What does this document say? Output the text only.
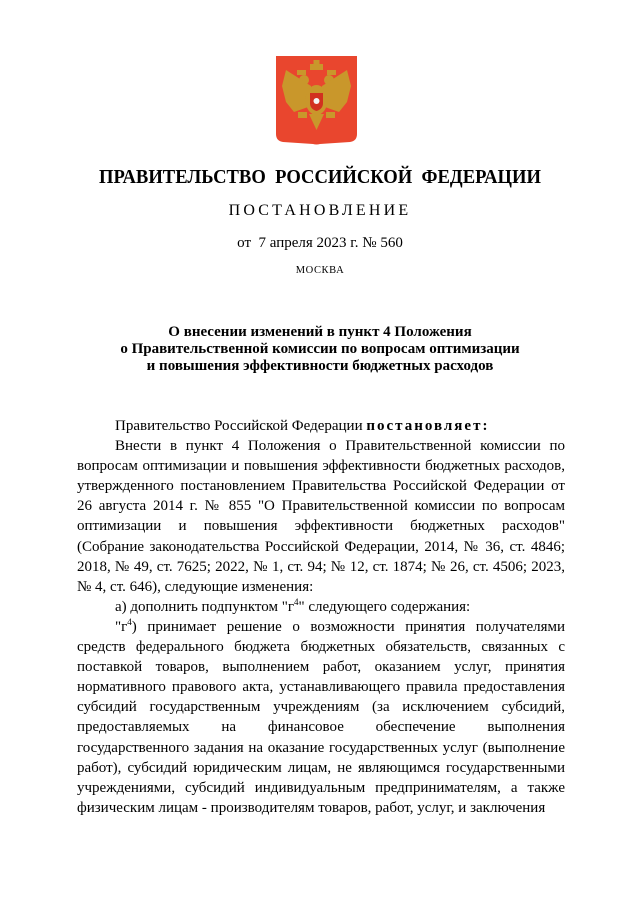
ПРАВИТЕЛЬСТВО  РОССИЙСКОЙ  ФЕДЕРАЦИИ
ПОСТАНОВЛЕНИЕ
от  7 апреля 2023 г. № 560
МОСКВА
О внесении изменений в пункт 4 Положения
о Правительственной комиссии по вопросам оптимизации
и повышения эффективности бюджетных расходов

Правительство Российской Федерации постановляет:

Внести в пункт 4 Положения о Правительственной комиссии по вопросам оптимизации и повышения эффективности бюджетных расходов, утвержденного постановлением Правительства Российской Федерации от 26 августа 2014 г. № 855 "О Правительственной комиссии по вопросам оптимизации и повышения эффективности бюджетных расходов" (Собрание законодательства Российской Федерации, 2014, № 36, ст. 4846; 2018, № 49, ст. 7625; 2022, № 1, ст. 94; № 12, ст. 1874; № 26, ст. 4506; 2023, № 4, ст. 646), следующие изменения:

а) дополнить подпунктом "$г^4$" следующего содержания:

"$г^4$) принимает решение о возможности принятия получателями средств федерального бюджета бюджетных обязательств, связанных с поставкой товаров, выполнением работ, оказанием услуг, принятия нормативного правового акта, устанавливающего правила предоставления субсидий государственным учреждениям (за исключением субсидий, предоставляемых на финансовое обеспечение выполнения государственного задания на оказание государственных услуг (выполнение работ), субсидий юридическим лицам, не являющимся государственными учреждениями, субсидий индивидуальным предпринимателям, а также физическим лицам - производителям товаров, работ, услуг, и заключения
